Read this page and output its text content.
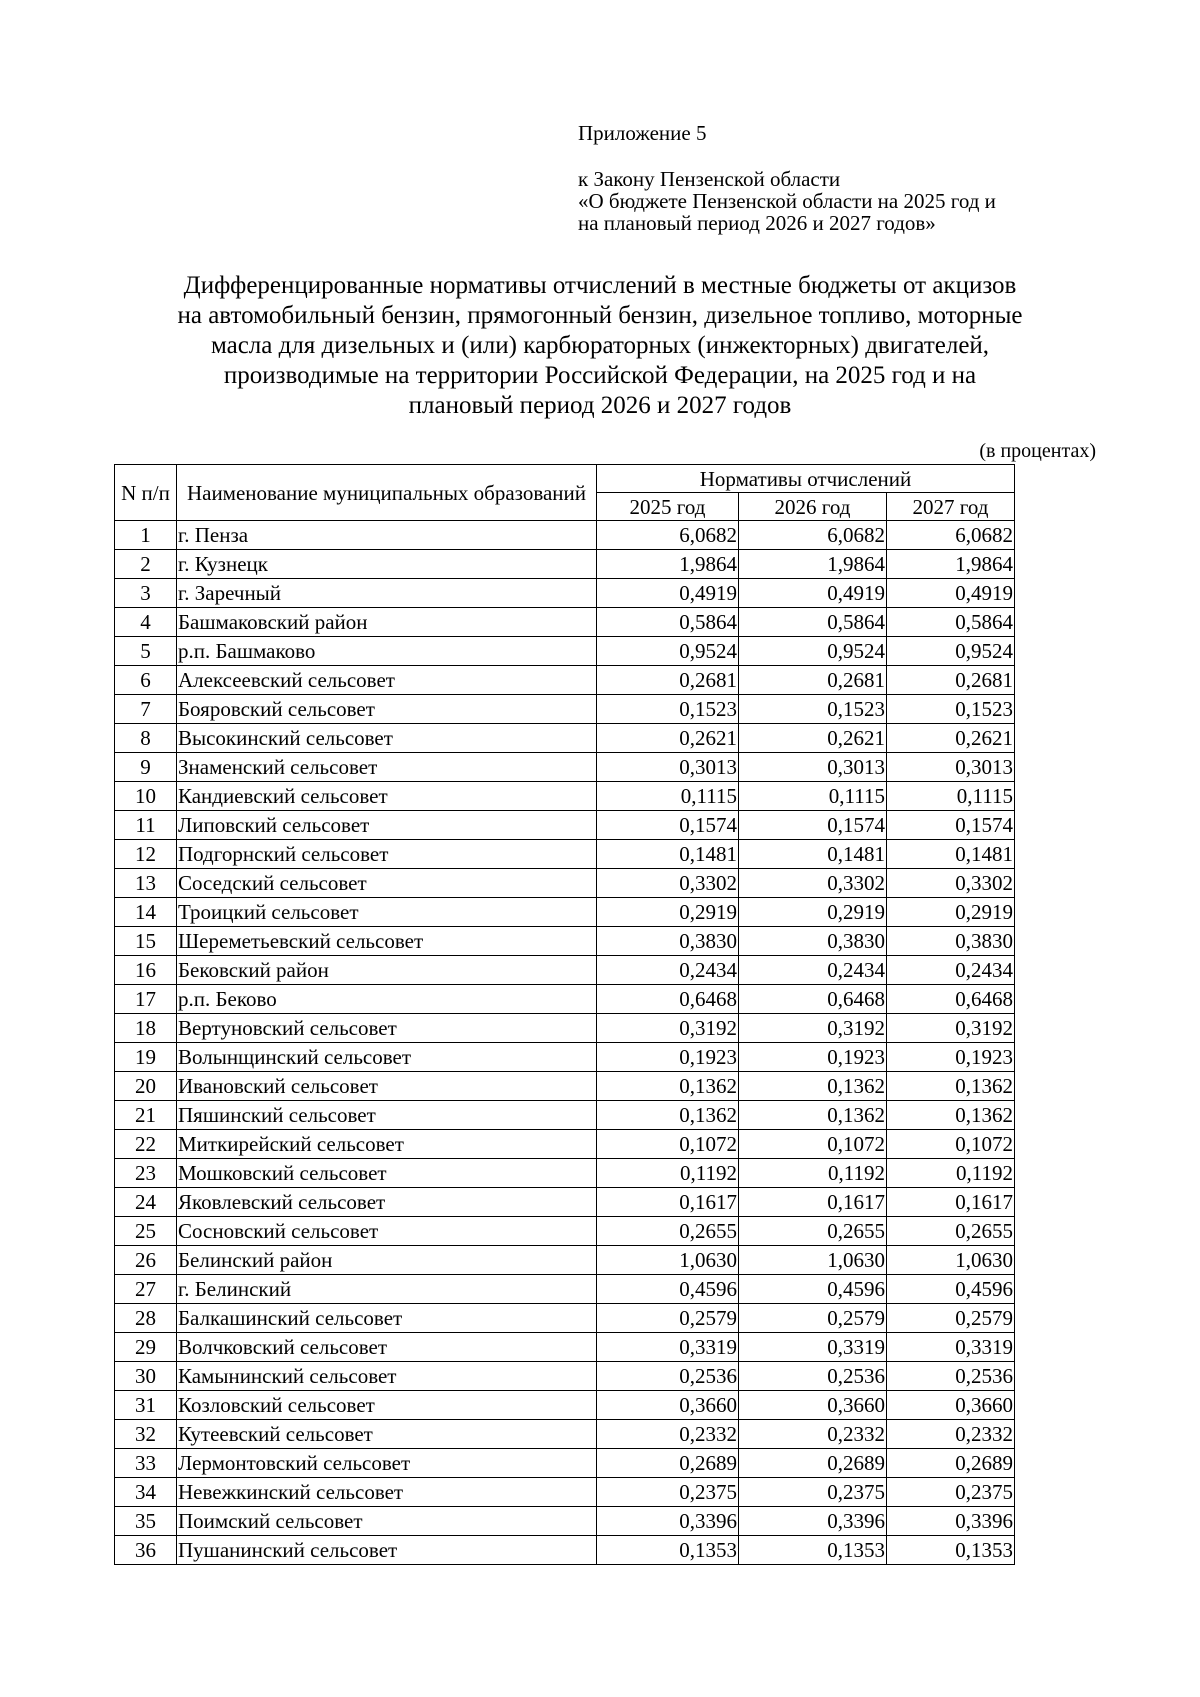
Приложение 5
к Закону Пензенской области
«О бюджете Пензенской области на 2025 год и
на плановый период 2026 и 2027 годов»
Дифференцированные нормативы отчислений в местные бюджеты от акцизов
на автомобильный бензин, прямогонный бензин, дизельное топливо, моторные
масла для дизельных и (или) карбюраторных (инжекторных) двигателей,
производимые на территории Российской Федерации, на 2025 год и на
плановый период 2026 и 2027 годов
(в процентах)
N п/п	Наименование муниципальных образований	Нормативы отчислений		
		2025 год	2026 год	2027 год
1	г. Пенза	6,0682	6,0682	6,0682
2	г. Кузнецк	1,9864	1,9864	1,9864
3	г. Заречный	0,4919	0,4919	0,4919
4	Башмаковский район	0,5864	0,5864	0,5864
5	р.п. Башмаково	0,9524	0,9524	0,9524
6	Алексеевский сельсовет	0,2681	0,2681	0,2681
7	Бояровский сельсовет	0,1523	0,1523	0,1523
8	Высокинский сельсовет	0,2621	0,2621	0,2621
9	Знаменский сельсовет	0,3013	0,3013	0,3013
10	Кандиевский сельсовет	0,1115	0,1115	0,1115
11	Липовский сельсовет	0,1574	0,1574	0,1574
12	Подгорнский сельсовет	0,1481	0,1481	0,1481
13	Соседский сельсовет	0,3302	0,3302	0,3302
14	Троицкий сельсовет	0,2919	0,2919	0,2919
15	Шереметьевский сельсовет	0,3830	0,3830	0,3830
16	Бековский район	0,2434	0,2434	0,2434
17	р.п. Беково	0,6468	0,6468	0,6468
18	Вертуновский сельсовет	0,3192	0,3192	0,3192
19	Волынщинский сельсовет	0,1923	0,1923	0,1923
20	Ивановский сельсовет	0,1362	0,1362	0,1362
21	Пяшинский сельсовет	0,1362	0,1362	0,1362
22	Миткирейский сельсовет	0,1072	0,1072	0,1072
23	Мошковский сельсовет	0,1192	0,1192	0,1192
24	Яковлевский сельсовет	0,1617	0,1617	0,1617
25	Сосновский сельсовет	0,2655	0,2655	0,2655
26	Белинский район	1,0630	1,0630	1,0630
27	г. Белинский	0,4596	0,4596	0,4596
28	Балкашинский сельсовет	0,2579	0,2579	0,2579
29	Волчковский сельсовет	0,3319	0,3319	0,3319
30	Камынинский сельсовет	0,2536	0,2536	0,2536
31	Козловский сельсовет	0,3660	0,3660	0,3660
32	Кутеевский сельсовет	0,2332	0,2332	0,2332
33	Лермонтовский сельсовет	0,2689	0,2689	0,2689
34	Невежкинский сельсовет	0,2375	0,2375	0,2375
35	Поимский сельсовет	0,3396	0,3396	0,3396
36	Пушанинский сельсовет	0,1353	0,1353	0,1353
